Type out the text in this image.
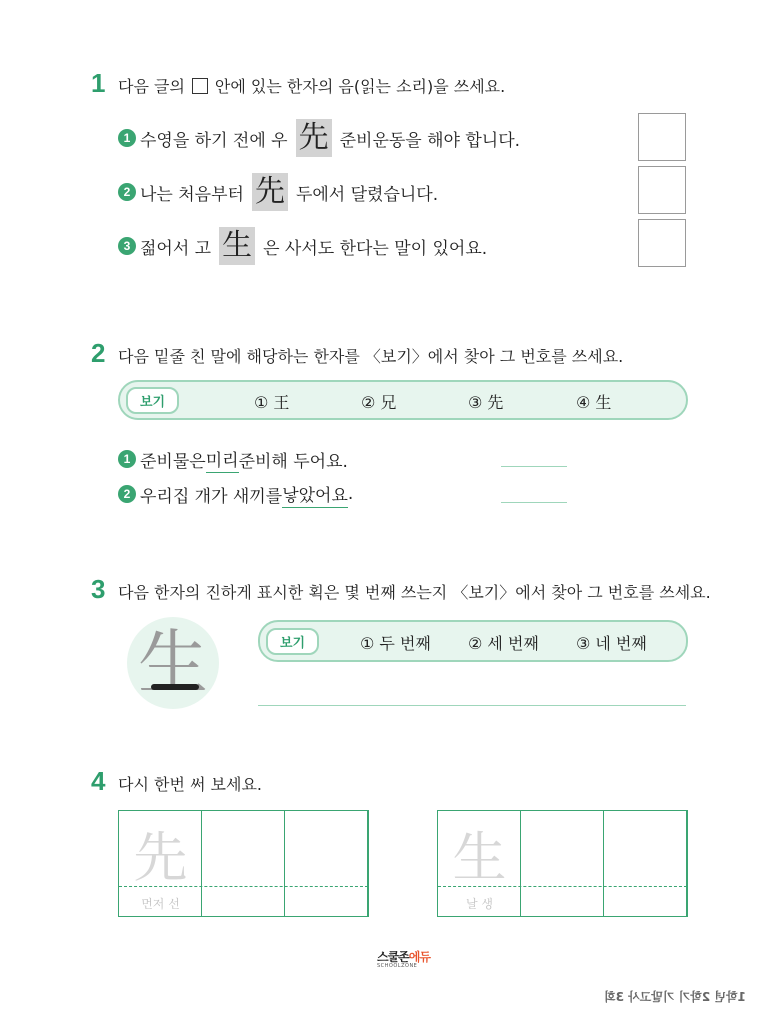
1 다음 글의 안에 있는 한자의 음(읽는 소리)을 쓰세요.
1 수영을 하기 전에 우 先 준비운동을 해야 합니다.
2 나는 처음부터 先 두에서 달렸습니다.
3 젊어서 고 生 은 사서도 한다는 말이 있어요.
2 다음 밑줄 친 말에 해당하는 한자를 〈보기〉에서 찾아 그 번호를 쓰세요.
보기	① 王	② 兄	③ 先	④ 生
1 준비물은 미리 준비해 두어요.
2 우리집 개가 새끼를 낳았어요 .
3 다음 한자의 진하게 표시한 획은 몇 번째 쓰는지 〈보기〉에서 찾아 그 번호를 쓰세요.
生	보기	① 두 번째 ② 세 번째 ③ 네 번째
4 다시 한번 써 보세요.
先
먼저 선
生
날 생
스쿨존에듀
SCHOOLZONE
1학년 2학기 기말고사 3회
